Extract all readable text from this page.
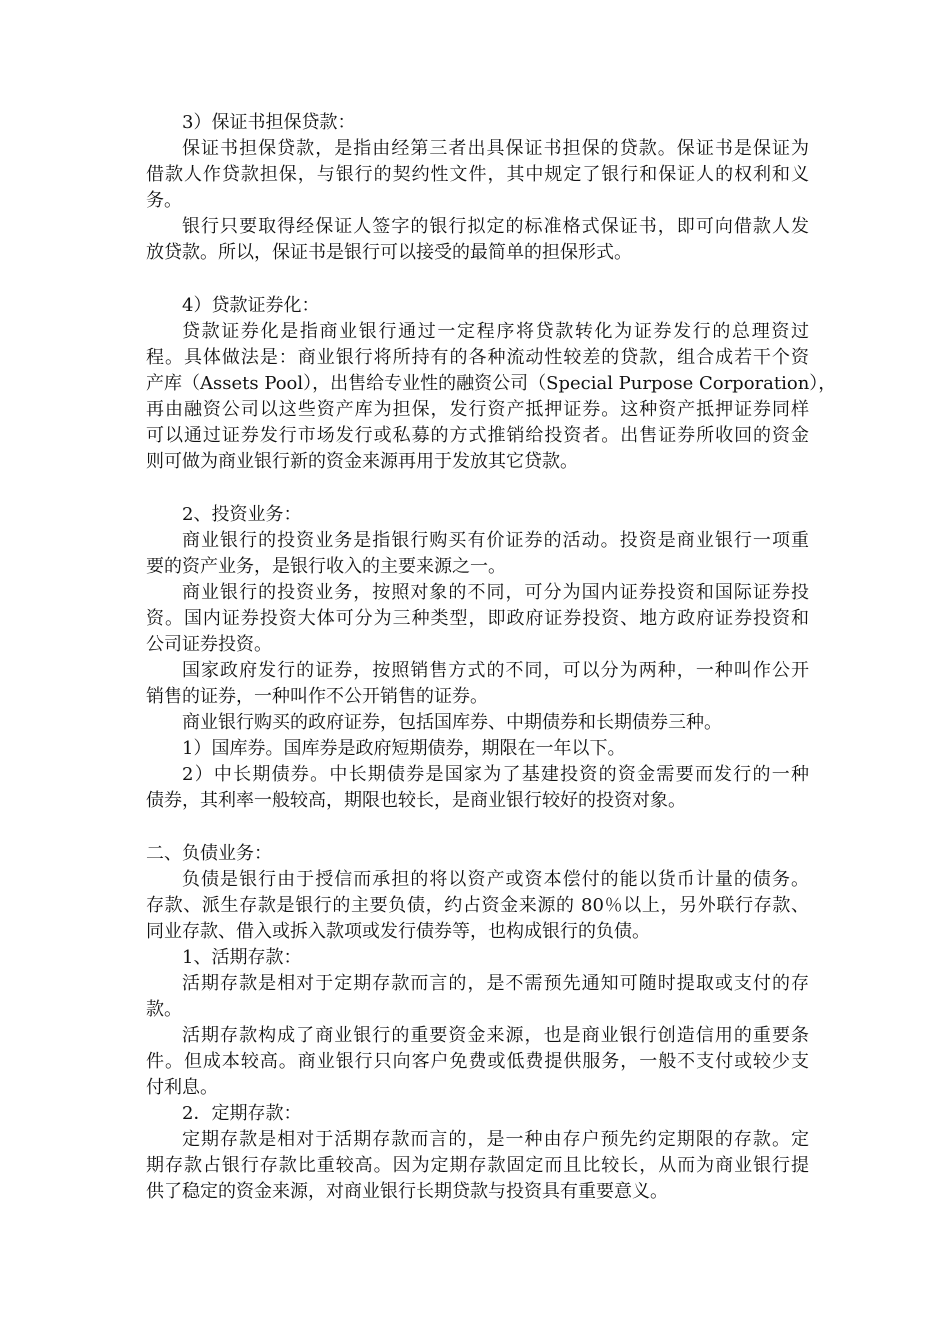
3）保证书担保贷款：
保证书担保贷款，是指由经第三者出具保证书担保的贷款。保证书是保证为
借款人作贷款担保，与银行的契约性文件，其中规定了银行和保证人的权利和义
务。
银行只要取得经保证人签字的银行拟定的标准格式保证书，即可向借款人发
放贷款。所以，保证书是银行可以接受的最简单的担保形式。
4）贷款证券化：
贷款证券化是指商业银行通过一定程序将贷款转化为证券发行的总理资过
程。具体做法是：商业银行将所持有的各种流动性较差的贷款，组合成若干个资
产库（Assets Pool），出售给专业性的融资公司（Special Purpose Corporation），
再由融资公司以这些资产库为担保，发行资产抵押证券。这种资产抵押证券同样
可以通过证券发行市场发行或私募的方式推销给投资者。出售证券所收回的资金
则可做为商业银行新的资金来源再用于发放其它贷款。
2、投资业务：
商业银行的投资业务是指银行购买有价证券的活动。投资是商业银行一项重
要的资产业务，是银行收入的主要来源之一。
商业银行的投资业务，按照对象的不同，可分为国内证券投资和国际证券投
资。国内证券投资大体可分为三种类型，即政府证券投资、地方政府证券投资和
公司证券投资。
国家政府发行的证券，按照销售方式的不同，可以分为两种，一种叫作公开
销售的证券，一种叫作不公开销售的证券。
商业银行购买的政府证券，包括国库券、中期债券和长期债券三种。
1）国库券。国库券是政府短期债券，期限在一年以下。
2）中长期债券。中长期债券是国家为了基建投资的资金需要而发行的一种
债券，其利率一般较高，期限也较长，是商业银行较好的投资对象。
二、负债业务：
负债是银行由于授信而承担的将以资产或资本偿付的能以货币计量的债务。
存款、派生存款是银行的主要负债，约占资金来源的 80％以上，另外联行存款、
同业存款、借入或拆入款项或发行债券等，也构成银行的负债。
1、活期存款：
活期存款是相对于定期存款而言的，是不需预先通知可随时提取或支付的存
款。
活期存款构成了商业银行的重要资金来源，也是商业银行创造信用的重要条
件。但成本较高。商业银行只向客户免费或低费提供服务，一般不支付或较少支
付利息。
2．定期存款：
定期存款是相对于活期存款而言的，是一种由存户预先约定期限的存款。定
期存款占银行存款比重较高。因为定期存款固定而且比较长，从而为商业银行提
供了稳定的资金来源，对商业银行长期贷款与投资具有重要意义。
